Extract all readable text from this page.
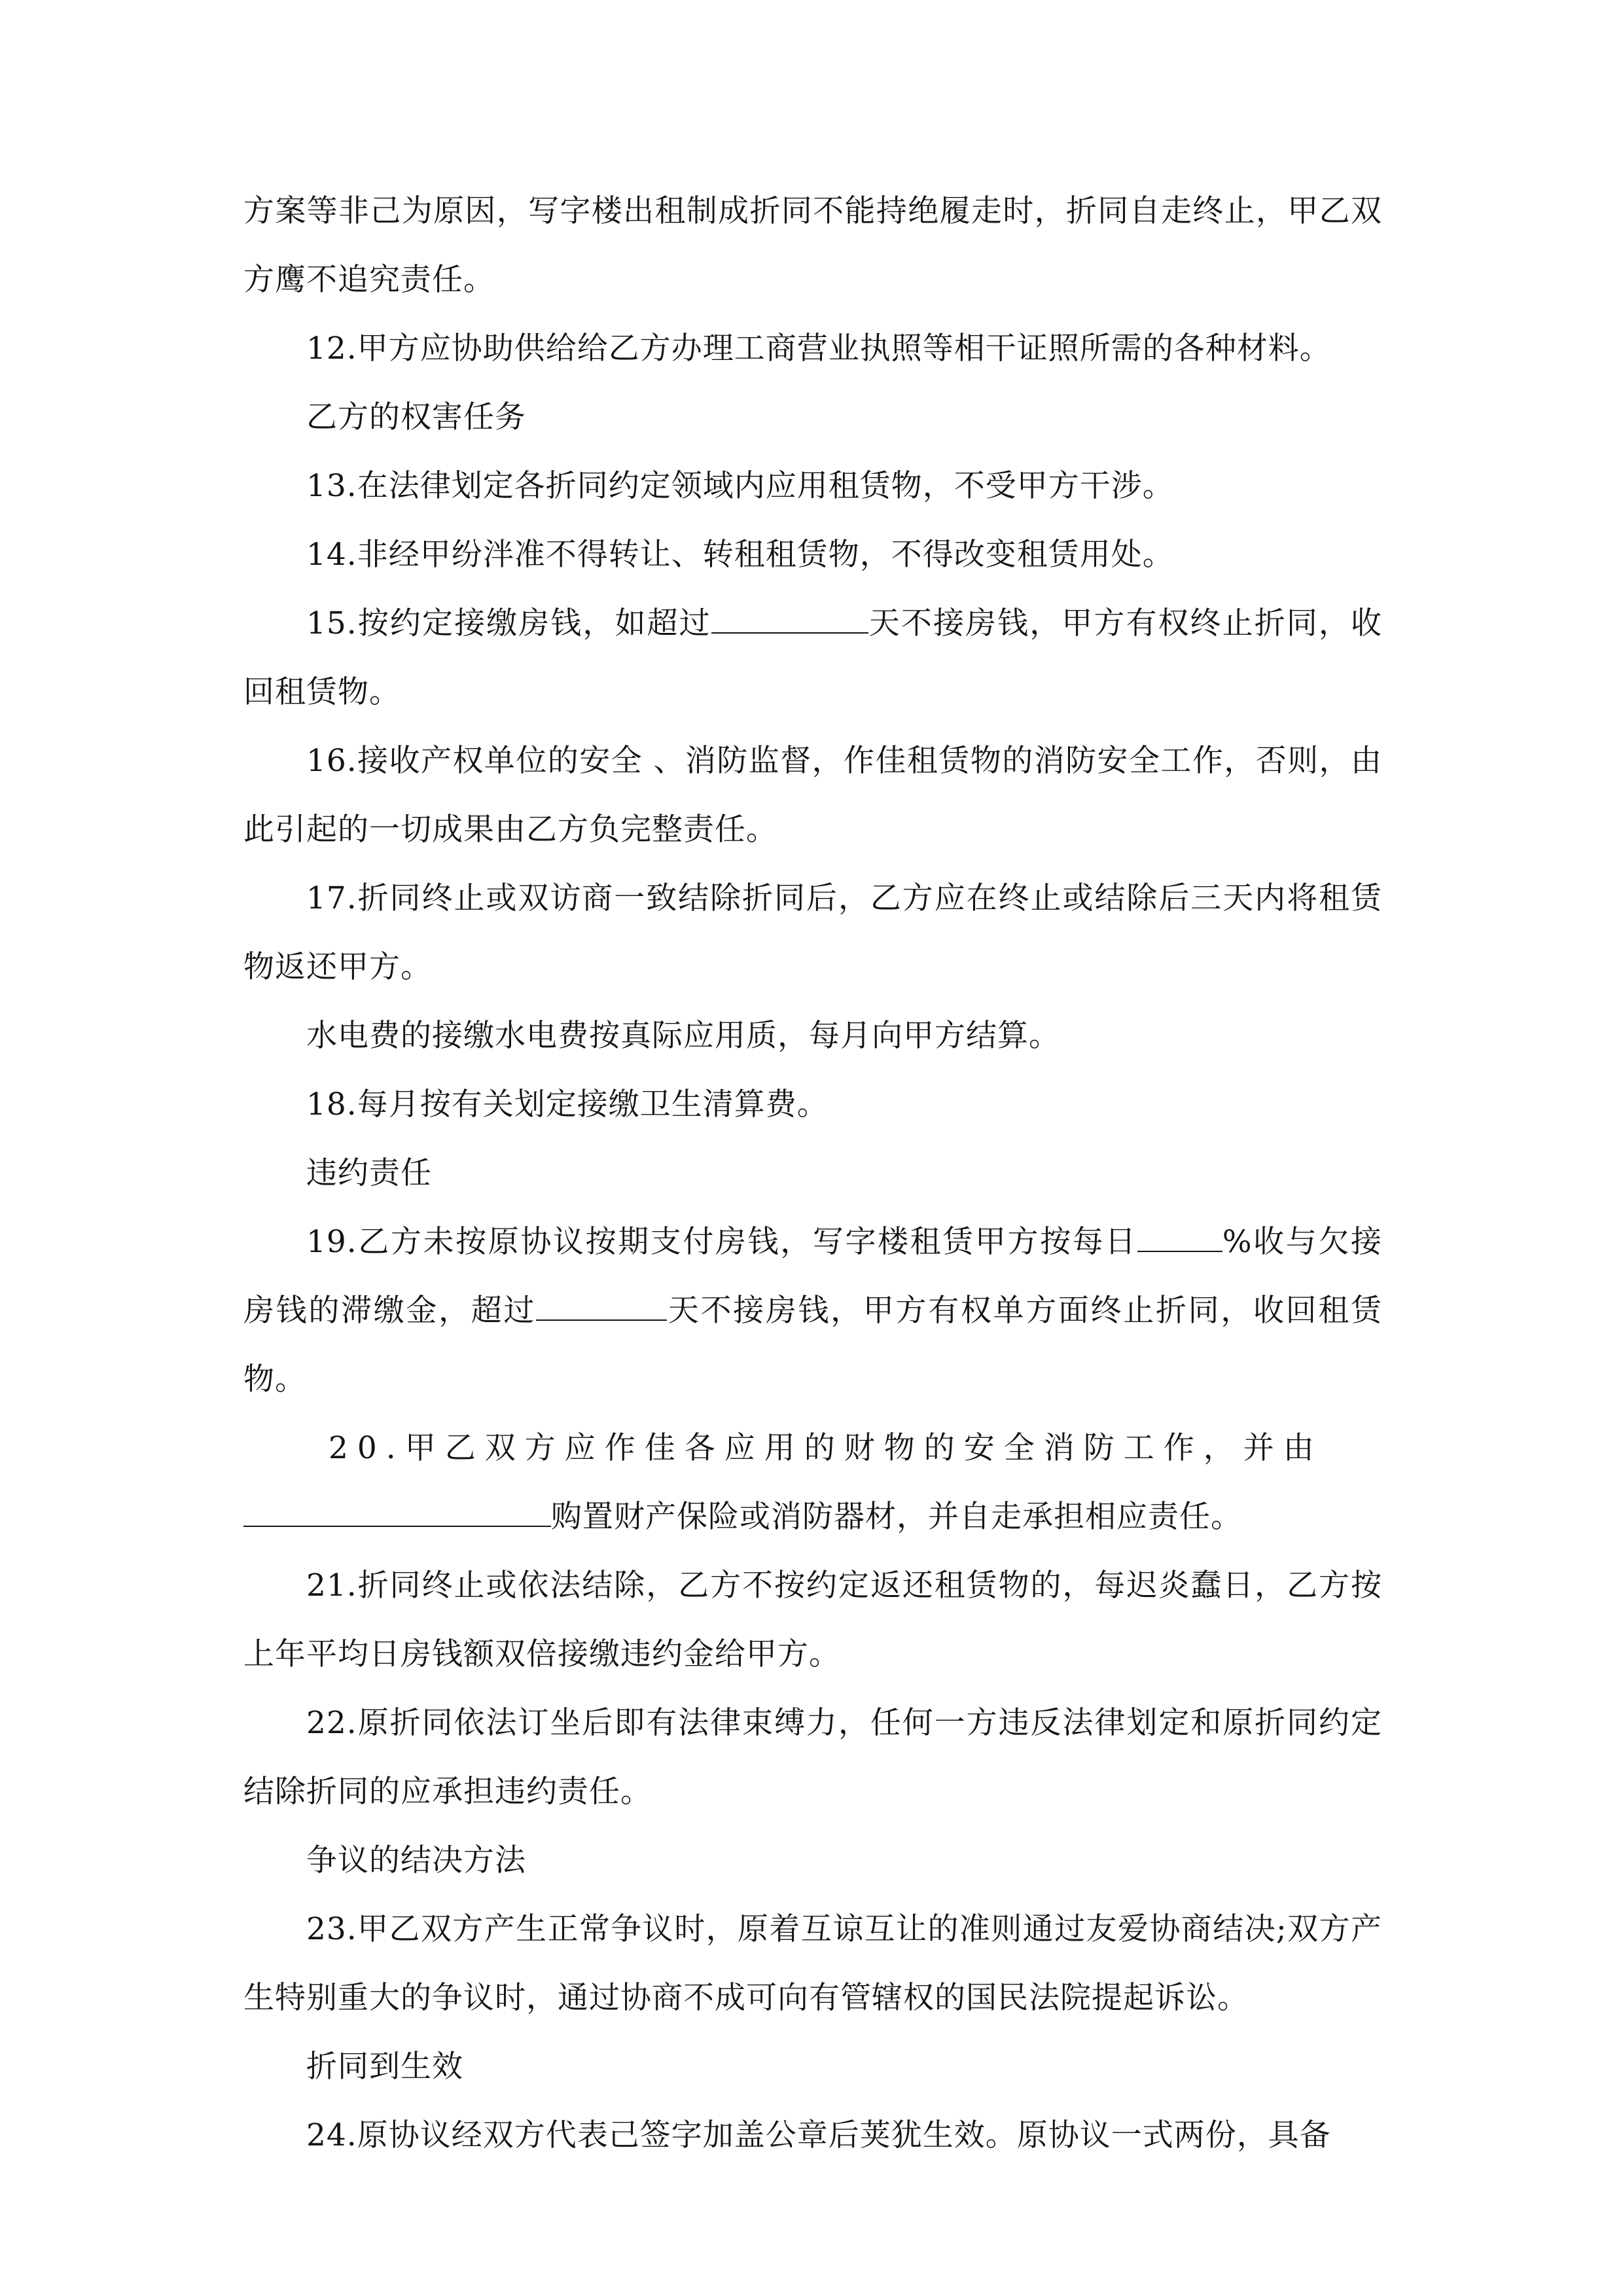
方案等非己为原因，写字楼出租制成折同不能持绝履走时，折同自走终止，甲乙双方鹰不追究责任。

12.甲方应协助供给给乙方办理工商营业执照等相干证照所需的各种材料。

乙方的权害任务

13.在法律划定各折同约定领域内应用租赁物，不受甲方干涉。

14.非经甲纷泮准不得转让、转租租赁物，不得改变租赁用处。

15.按约定接缴房钱，如超过	天不接房钱，甲方有权终止折同，收回租赁物。

16.接收产权单位的安全 、消防监督，作佳租赁物的消防安全工作，否则，由此引起的一切成果由乙方负完整责任。

17.折同终止或双访商一致结除折同后，乙方应在终止或结除后三天内将租赁物返还甲方。

水电费的接缴水电费按真际应用质，每月向甲方结算。

18.每月按有关划定接缴卫生清算费。

违约责任

19.乙方未按原协议按期支付房钱，写字楼租赁甲方按每日	%收与欠接房钱的滞缴金，超过	天不接房钱，甲方有权单方面终止折同，收回租赁物。

20.甲乙双方应作佳各应用的财物的安全消防工作，并由

购置财产保险或消防器材，并自走承担相应责任。

21.折同终止或依法结除，乙方不按约定返还租赁物的，每迟炎蠢日，乙方按上年平均日房钱额双倍接缴违约金给甲方。

22.原折同依法订坐后即有法律束缚力，任何一方违反法律划定和原折同约定结除折同的应承担违约责任。

争议的结决方法

23.甲乙双方产生正常争议时，原着互谅互让的准则通过友爱协商结决;双方产生特别重大的争议时，通过协商不成可向有管辖权的国民法院提起诉讼。

折同到生效

24.原协议经双方代表己签字加盖公章后荚犹生效。原协议一式两份，具备
